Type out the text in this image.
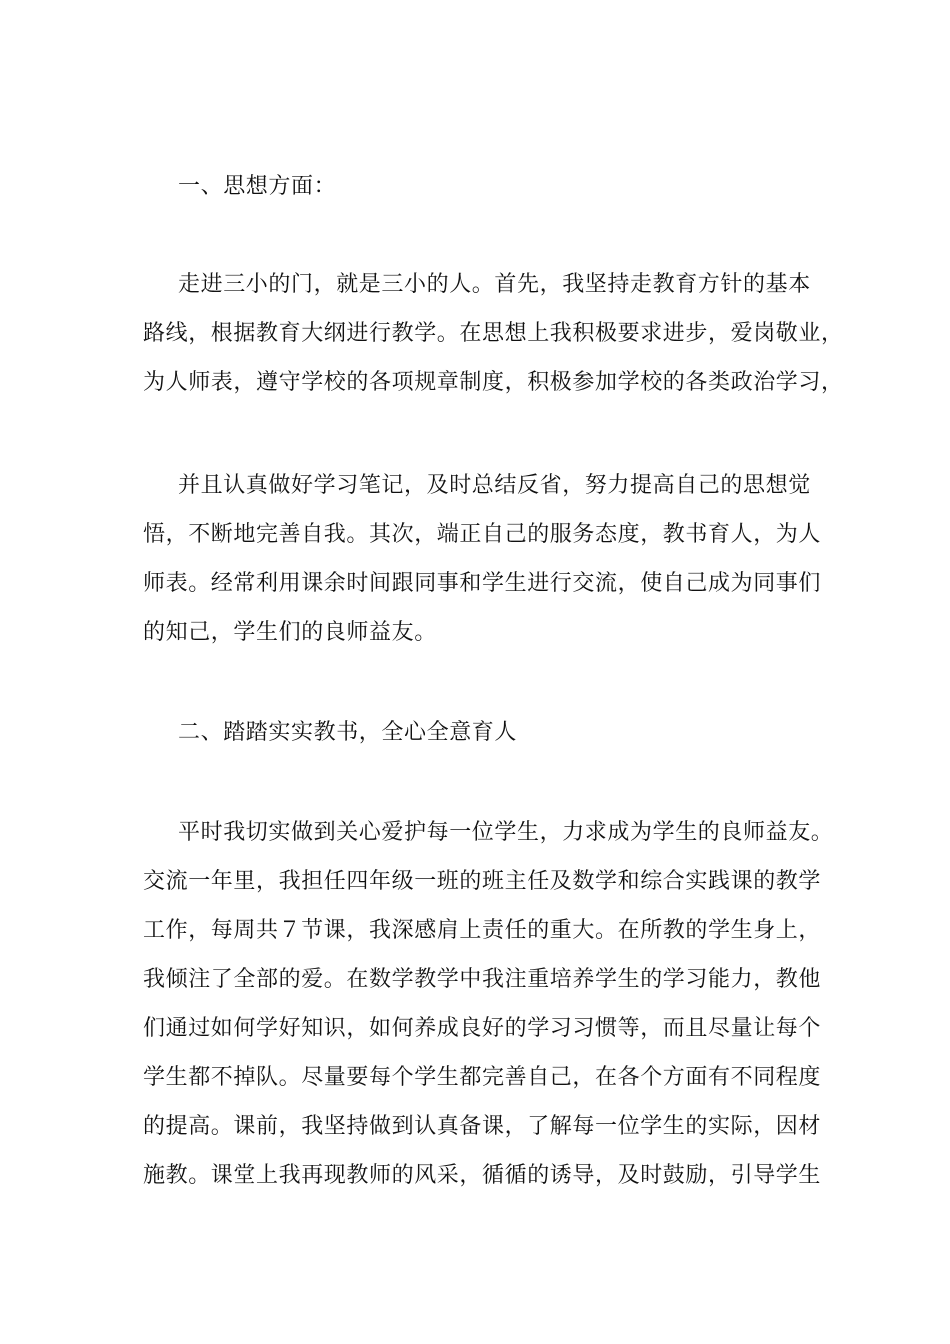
一、思想方面：
走进三小的门，就是三小的人。首先，我坚持走教育方针的基本
路线，根据教育大纲进行教学。在思想上我积极要求进步，爱岗敬业，
为人师表，遵守学校的各项规章制度，积极参加学校的各类政治学习，
并且认真做好学习笔记，及时总结反省，努力提高自己的思想觉
悟，不断地完善自我。其次，端正自己的服务态度，教书育人，为人
师表。经常利用课余时间跟同事和学生进行交流，使自己成为同事们
的知己，学生们的良师益友。
二、踏踏实实教书，全心全意育人
平时我切实做到关心爱护每一位学生，力求成为学生的良师益友。
交流一年里，我担任四年级一班的班主任及数学和综合实践课的教学
工作，每周共７节课，我深感肩上责任的重大。在所教的学生身上，
我倾注了全部的爱。在数学教学中我注重培养学生的学习能力，教他
们通过如何学好知识，如何养成良好的学习习惯等，而且尽量让每个
学生都不掉队。尽量要每个学生都完善自己，在各个方面有不同程度
的提高。课前，我坚持做到认真备课，了解每一位学生的实际，因材
施教。课堂上我再现教师的风采，循循的诱导，及时鼓励，引导学生
